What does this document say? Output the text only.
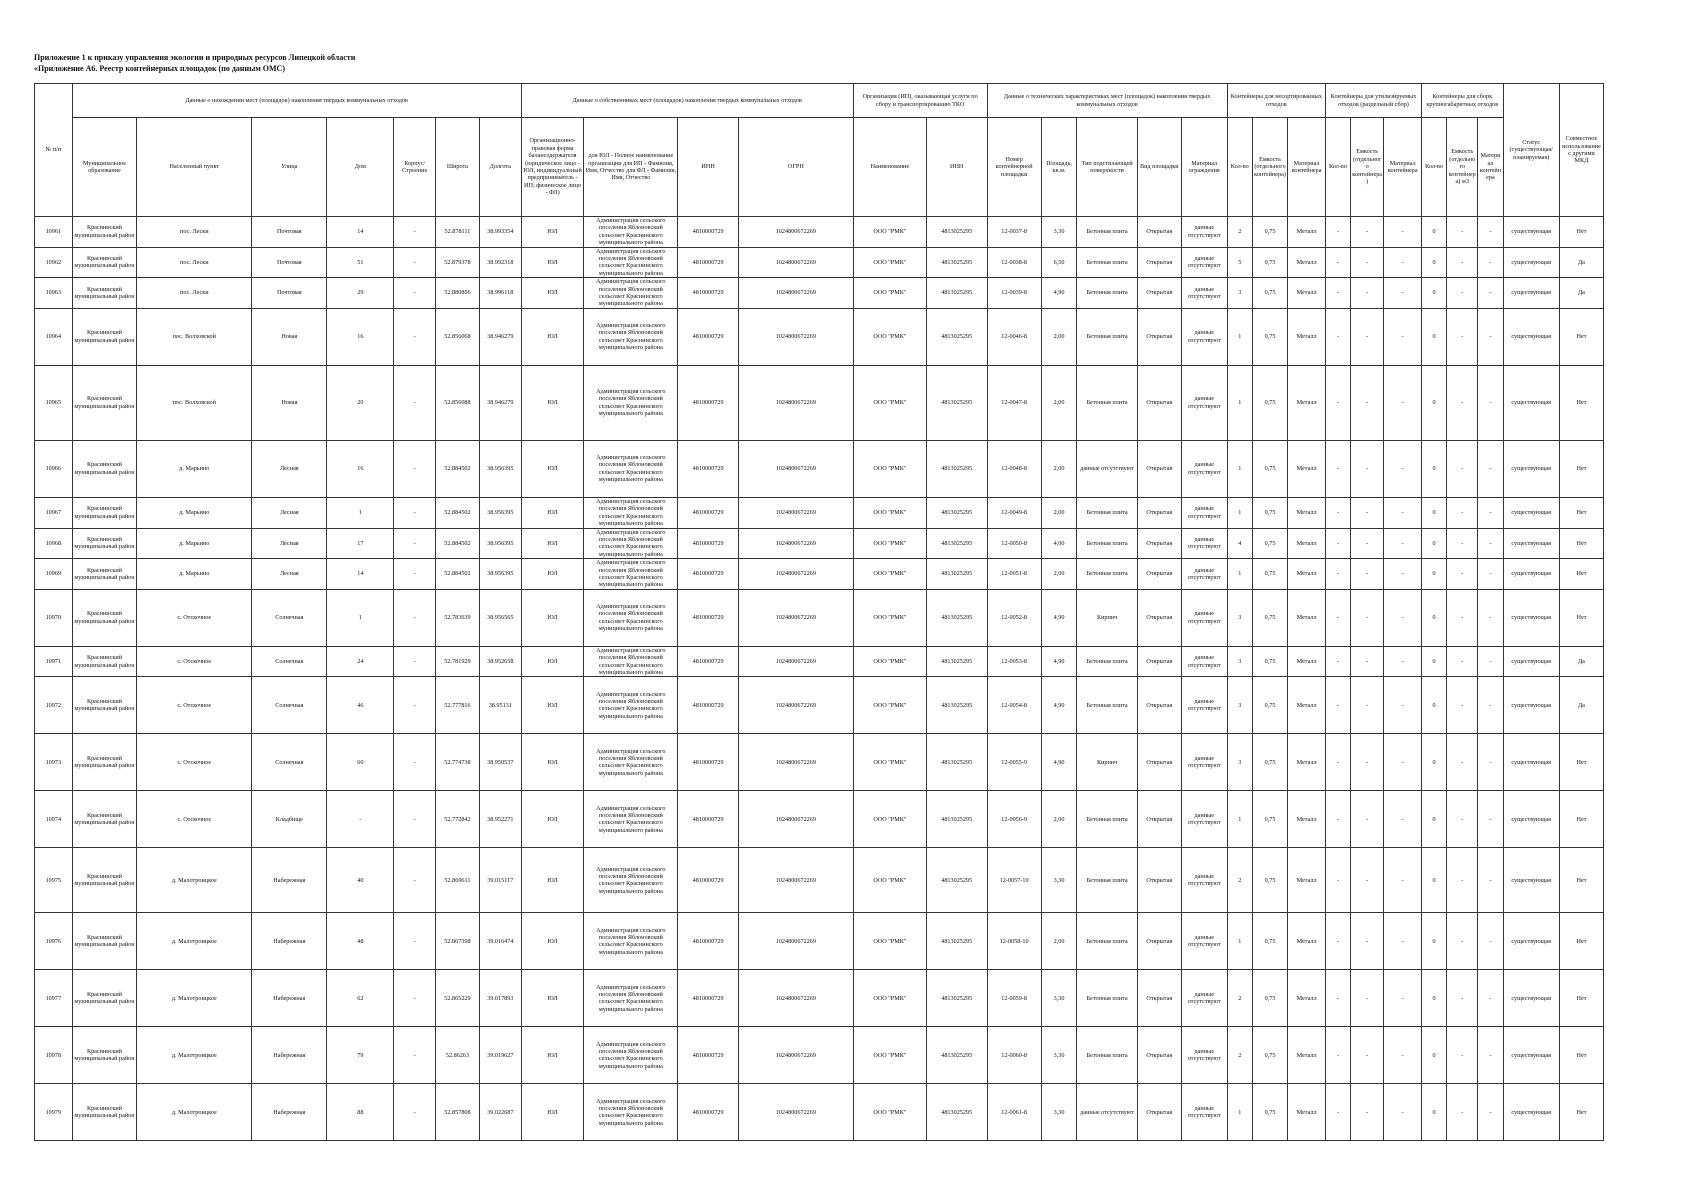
Приложение 1 к приказу управления экологии и природных ресурсов Липецкой области
«Приложение А6. Реестр контейнерных площадок (по данным ОМС)
№ п/п	Данные о нахождении мест (площадок) накопления твердых коммунальных отходов							Данные о собственниках мест (площадок) накопления твердых коммунальных отходов				Организация (ИП), оказывающая услуги по сбору и транспортированию ТКО		Данные о технических характеристиках мест (площадок) накопления твердых коммунальных отходов					Контейнеры для несортированных отходов			Контейнеры для утилизируемых отходов (раздельный сбор)			Контейнеры для сборк крупногабаритных отходов			Статус (существующая/ планируемая)	Совместное использование с другими МКД
	Муниципальное образование	Населенный пункт	Улица	Дом	Корпус/Строение	Широта	Долгота	Организационно-правовая форма балансодержателя (юридическое лицо - ЮЛ; индивидуальный предприниматель - ИП; физическое лицо - ФЛ)	для ЮЛ - Полное наименование организации для ИП - Фамилия, Имя, Отчество для ФЛ - Фамилия, Имя, Отчество	ИНН	ОГРН	Наименование	ИНН	Номер контейнерной площадки	Площадь, кв.м.	Тип подстилающей поверхности	Вид площадки	Материал ограждения	Кол-во	Емкость (отдельного контейнера)	Материал контейнера	Кол-во	Емкость (отдельного контейнера)	Материал контейнера	Кол-во	Емкость (отдельного контейнера) м3	Материал контейнера		
10961	Краснинский муниципальный район	пос. Лески	Почтовая	14	-	52.878111	38.993354	ЮЛ	Администрация сельского поселения Яблоновский сельсовет Краснинского муниципального района	4810000729	1024800672269	ООО "РМК"	4813025295	12-0037-8	3,30	Бетонная плита	Открытая	данные отсутствуют	2	0,75	Металл	-	-	-	0	-	-	существующая	Нет
10962	Краснинский муниципальный район	пос. Лески	Почтовая	51	-	52.879378	38.992318	ЮЛ	Администрация сельского поселения Яблоновский сельсовет Краснинского муниципального района	4810000729	1024800672269	ООО "РМК"	4813025295	12-0038-8	6,50	Бетонная плита	Открытая	данные отсутствуют	5	0,75	Металл	-	-	-	0	-	-	существующая	Да
10963	Краснинский муниципальный район	пос. Лески	Почтовая	29	-	52.880856	38.996118	ЮЛ	Администрация сельского поселения Яблоновский сельсовет Краснинского муниципального района	4810000729	1024800672269	ООО "РМК"	4813025295	12-0039-8	4,90	Бетонная плита	Открытая	данные отсутствуют	3	0,75	Металл	-	-	-	0	-	-	существующая	Да
10964	Краснинский муниципальный район	пос. Волховской	Новая	16	-	52.856068	38.946279	ЮЛ	Администрация сельского поселения Яблоновский сельсовет Краснинского муниципального района	4810000729	1024800672269	ООО "РМК"	4813025295	12-0046-8	2,00	Бетонная плита	Открытая	данные отсутствуют	1	0,75	Металл	-	-	-	0	-	-	существующая	Нет
10965	Краснинский муниципальный район	пос. Волховской	Новая	20	-	52.856088	38.946279	ЮЛ	Администрация сельского поселения Яблоновский сельсовет Краснинского муниципального района	4810000729	1024800672269	ООО "РМК"	4813025295	12-0047-8	2,00	Бетонная плита	Открытая	данные отсутствуют	1	0,75	Металл	-	-	-	0	-	-	существующая	Нет
10966	Краснинский муниципальный район	д. Марьино	Лесная	16	-	52.884502	38.956395	ЮЛ	Администрация сельского поселения Яблоновский сельсовет Краснинского муниципального района	4810000729	1024800672269	ООО "РМК"	4813025295	12-0048-8	2,00	данные отсутствуют	Открытая	данные отсутствуют	1	0,75	Металл	-	-	-	0	-	-	существующая	Нет
10967	Краснинский муниципальный район	д. Марьино	Лесная	1	-	52.884502	38.956395	ЮЛ	Администрация сельского поселения Яблоновский сельсовет Краснинского муниципального района	4810000729	1024800672269	ООО "РМК"	4813025295	12-0049-8	2,00	Бетонная плита	Открытая	данные отсутствуют	1	0,75	Металл	-	-	-	0	-	-	существующая	Нет
10968	Краснинский муниципальный район	д. Марьино	Лесная	17	-	52.884502	38.956395	ЮЛ	Администрация сельского поселения Яблоновский сельсовет Краснинского муниципального района	4810000729	1024800672269	ООО "РМК"	4813025295	12-0050-8	4,00	Бетонная плита	Открытая	данные отсутствуют	4	0,75	Металл	-	-	-	0	-	-	существующая	Нет
10969	Краснинский муниципальный район	д. Марьино	Лесная	14	-	52.884502	38.956395	ЮЛ	Администрация сельского поселения Яблоновский сельсовет Краснинского муниципального района	4810000729	1024800672269	ООО "РМК"	4813025295	12-0051-8	2,00	Бетонная плита	Открытая	данные отсутствуют	1	0,75	Металл	-	-	-	0	-	-	существующая	Нет
10970	Краснинский муниципальный район	с. Отскочное	Солнечная	1	-	52.783639	38.956565	ЮЛ	Администрация сельского поселения Яблоновский сельсовет Краснинского муниципального района	4810000729	1024800672269	ООО "РМК"	4813025295	12-0052-8	4,90	Кирпич	Открытая	данные отсутствуют	3	0,75	Металл	-	-	-	0	-	-	существующая	Нет
10971	Краснинский муниципальный район	с. Отскочное	Солнечная	24	-	52.781929	38.952658	ЮЛ	Администрация сельского поселения Яблоновский сельсовет Краснинского муниципального района	4810000729	1024800672269	ООО "РМК"	4813025295	12-0053-8	4,90	Бетонная плита	Открытая	данные отсутствуют	3	0,75	Металл	-	-	-	0	-	-	существующая	Да
10972	Краснинский муниципальный район	с. Отскочное	Солнечная	46	-	52.777816	38.95131	ЮЛ	Администрация сельского поселения Яблоновский сельсовет Краснинского муниципального района	4810000729	1024800672269	ООО "РМК"	4813025295	12-0054-8	4,90	Бетонная плита	Открытая	данные отсутствуют	3	0,75	Металл	-	-	-	0	-	-	существующая	Да
10973	Краснинский муниципальный район	с. Отскочное	Солнечная	60	-	52.774738	38.950537	ЮЛ	Администрация сельского поселения Яблоновский сельсовет Краснинского муниципального района	4810000729	1024800672269	ООО "РМК"	4813025295	12-0055-9	4,90	Кирпич	Открытая	данные отсутствуют	3	0,75	Металл	-	-	-	0	-	-	существующая	Нет
10974	Краснинский муниципальный район	с. Отскочное	Кладбище	-	-	52.772842	38.952271	ЮЛ	Администрация сельского поселения Яблоновский сельсовет Краснинского муниципального района	4810000729	1024800672269	ООО "РМК"	4813025295	12-0056-9	2,00	Бетонная плита	Открытая	данные отсутствуют	1	0,75	Металл	-	-	-	0	-	-	существующая	Нет
10975	Краснинский муниципальный район	д. Малотроицкое	Набережная	40	-	52.869611	39.015117	ЮЛ	Администрация сельского поселения Яблоновский сельсовет Краснинского муниципального района	4810000729	1024800672269	ООО "РМК"	4813025295	12-0057-10	3,30	Бетонная плита	Открытая	данные отсутствуют	2	0,75	Металл	-	-	-	0	-	-	существующая	Нет
10976	Краснинский муниципальный район	д. Малотроицкое	Набережная	48	-	52.867398	39.016474	ЮЛ	Администрация сельского поселения Яблоновский сельсовет Краснинского муниципального района	4810000729	1024800672269	ООО "РМК"	4813025295	12-0058-10	2,00	Бетонная плита	Открытая	данные отсутствуют	1	0,75	Металл	-	-	-	0	-	-	существующая	Нет
10977	Краснинский муниципальный район	д. Малотроицкое	Набережная	62	-	52.865229	39.017893	ЮЛ	Администрация сельского поселения Яблоновский сельсовет Краснинского муниципального района	4810000729	1024800672269	ООО "РМК"	4813025295	12-0059-8	3,30	Бетонная плита	Открытая	данные отсутствуют	2	0,75	Металл	-	-	-	0	-	-	существующая	Нет
10978	Краснинский муниципальный район	д. Малотроицкое	Набережная	79	-	52.86263	39.019627	ЮЛ	Администрация сельского поселения Яблоновский сельсовет Краснинского муниципального района	4810000729	1024800672269	ООО "РМК"	4813025295	12-0060-8	3,30	Бетонная плита	Открытая	данные отсутствуют	2	0,75	Металл	-	-	-	0	-	-	существующая	Нет
10979	Краснинский муниципальный район	д. Малотроицкое	Набережная	88	-	52.857808	39.022687	ЮЛ	Администрация сельского поселения Яблоновский сельсовет Краснинского муниципального района	4810000729	1024800672269	ООО "РМК"	4813025295	12-0061-8	3,30	данные отсутствуют	Открытая	данные отсутствуют	1	0,75	Металл	-	-	-	0	-	-	существующая	Нет
